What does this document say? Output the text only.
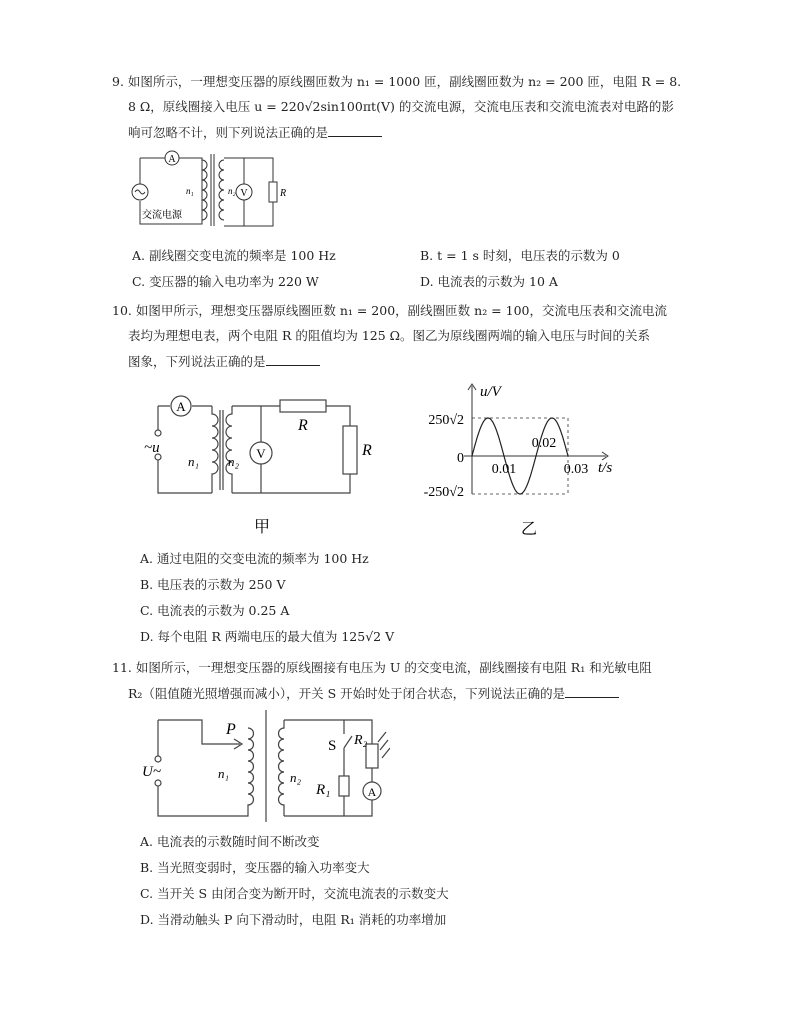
9. 如图所示，一理想变压器的原线圈匝数为 n₁ = 1000 匝，副线圈匝数为 n₂ = 200 匝，电阻 R = 8.
8 Ω，原线圈接入电压 u = 220√2sin100πt(V) 的交流电源，交流电压表和交流电流表对电路的影
响可忽略不计，则下列说法正确的是
A
V
n₁	n₂	R
交流电源
A. 副线圈交变电流的频率是 100 Hz	B. t = 1 s 时刻，电压表的示数为 0
C. 变压器的输入电功率为 220 W	D. 电流表的示数为 10 A
10. 如图甲所示，理想变压器原线圈匝数 n₁ = 200，副线圈匝数 n₂ = 100，交流电压表和交流电流
表均为理想电表，两个电阻 R 的阻值均为 125 Ω。图乙为原线圈两端的输入电压与时间的关系
图象，下列说法正确的是
A
V
~u
n₁ n₂
R
R
甲
u/V
t/s
250√2
0
-250√2
0.01
0.02
0.03
乙
A. 通过电阻的交变电流的频率为 100 Hz
B. 电压表的示数为 250 V
C. 电流表的示数为 0.25 A
D. 每个电阻 R 两端电压的最大值为 125√2 V
11. 如图所示，一理想变压器的原线圈接有电压为 U 的交变电流，副线圈接有电阻 R₁ 和光敏电阻
R₂（阻值随光照增强而减小），开关 S 开始时处于闭合状态，下列说法正确的是
P
U~	n₁	n₂
S
R₁
R₂
A
A. 电流表的示数随时间不断改变
B. 当光照变弱时，变压器的输入功率变大
C. 当开关 S 由闭合变为断开时，交流电流表的示数变大
D. 当滑动触头 P 向下滑动时，电阻 R₁ 消耗的功率增加
